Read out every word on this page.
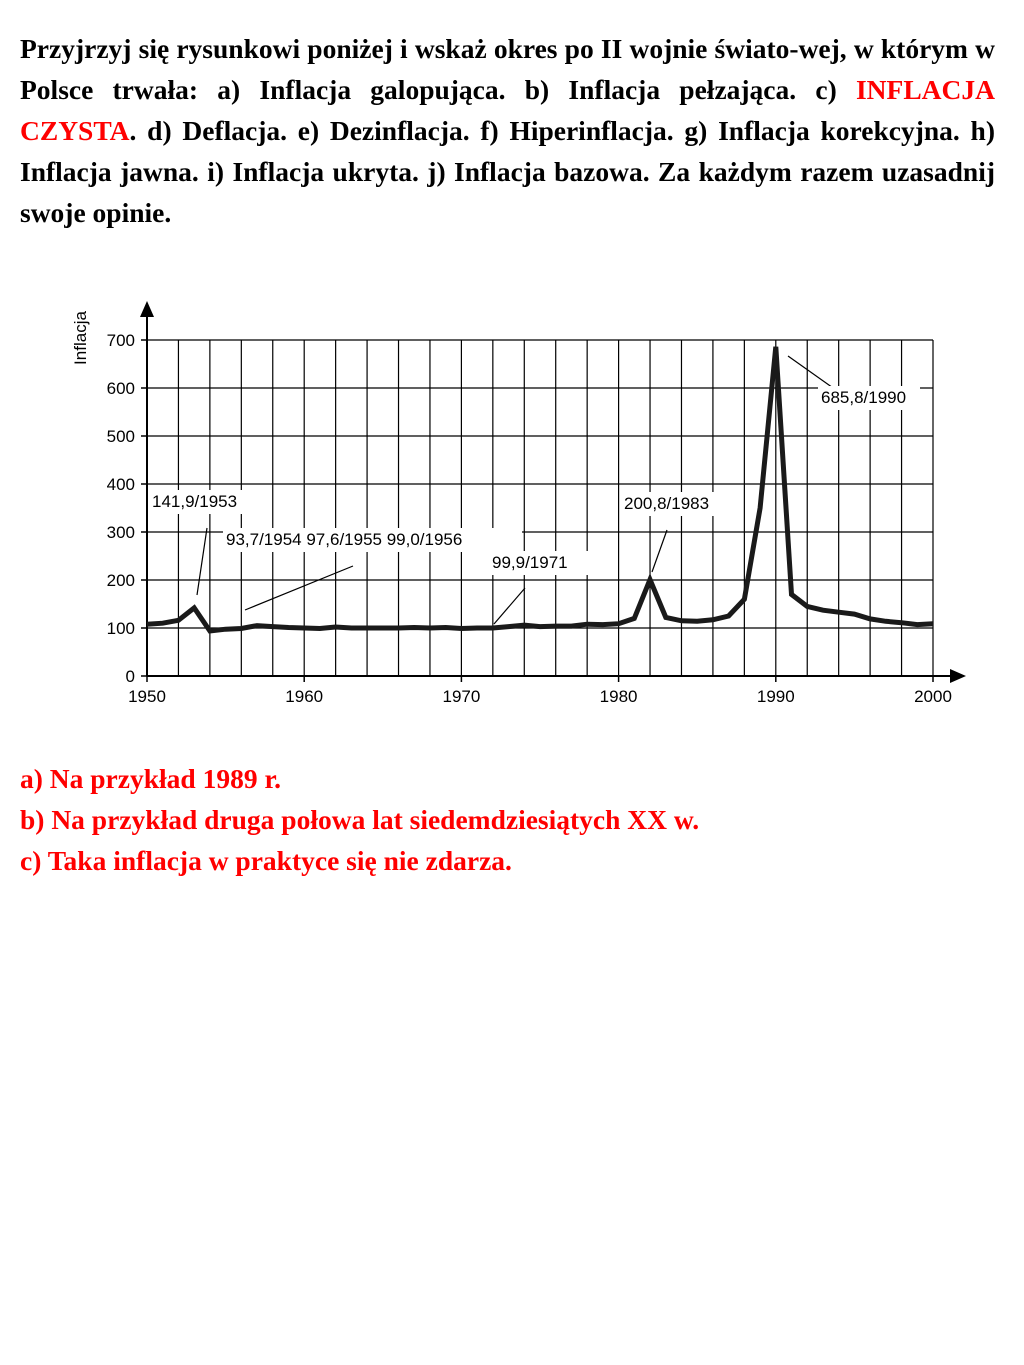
Przyjrzyj się rysunkowi poniżej i wskaż okres po II wojnie świato-wej, w którym w Polsce trwała: a) Inflacja galopująca. b) Inflacja pełzająca. c) INFLACJA CZYSTA. d) Deflacja. e) Dezinflacja. f) Hiperinflacja. g) Inflacja korekcyjna. h) Inflacja jawna. i) Inflacja ukryta. j) Inflacja bazowa. Za każdym razem uzasadnij swoje opinie.

1950	1960	1970	1980	1990	2000
0
100
200
300
400
500
600
700
Inflacja
141,9/1953
93,7/1954 97,6/1955 99,0/1956
99,9/1971
200,8/1983
685,8/1990
a) Na przykład 1989 r.
b) Na przykład druga połowa lat siedemdziesiątych XX w.
c) Taka inflacja w praktyce się nie zdarza.
